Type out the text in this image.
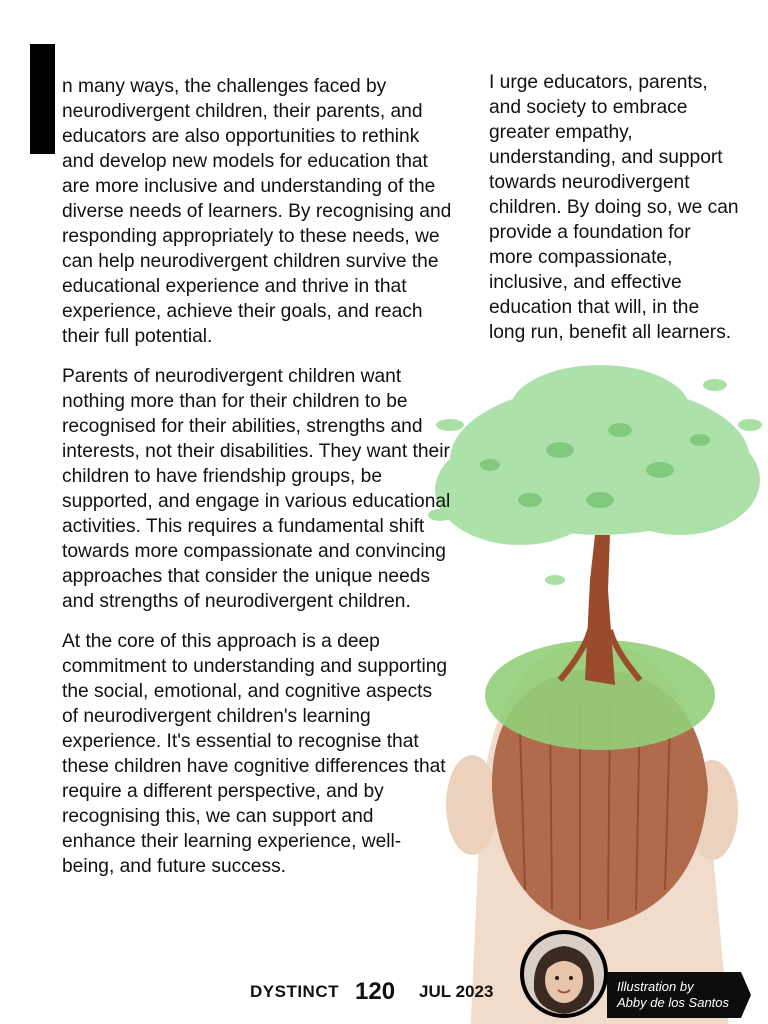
n many ways, the challenges faced by neurodivergent children, their parents, and educators are also opportunities to rethink and develop new models for education that are more inclusive and understanding of the diverse needs of learners. By recognising and responding appropriately to these needs, we can help neurodivergent children survive the educational experience and thrive in that experience, achieve their goals, and reach their full potential.

Parents of neurodivergent children want nothing more than for their children to be recognised for their abilities, strengths and interests, not their disabilities. They want their children to have friendship groups, be supported, and engage in various educational activities. This requires a fundamental shift towards more compassionate and convincing approaches that consider the unique needs and strengths of neurodivergent children.

At the core of this approach is a deep commitment to understanding and supporting the social, emotional, and cognitive aspects of neurodivergent children's learning experience. It's essential to recognise that these children have cognitive differences that require a different perspective, and by recognising this, we can support and enhance their learning experience, well-being, and future success.

I urge educators, parents, and society to embrace greater empathy, understanding, and support towards neurodivergent children. By doing so, we can provide a foundation for more compassionate, inclusive, and effective education that will, in the long run, benefit all learners.

DYSTINCT 120 JUL 2023	Illustration by
Abby de los Santos
